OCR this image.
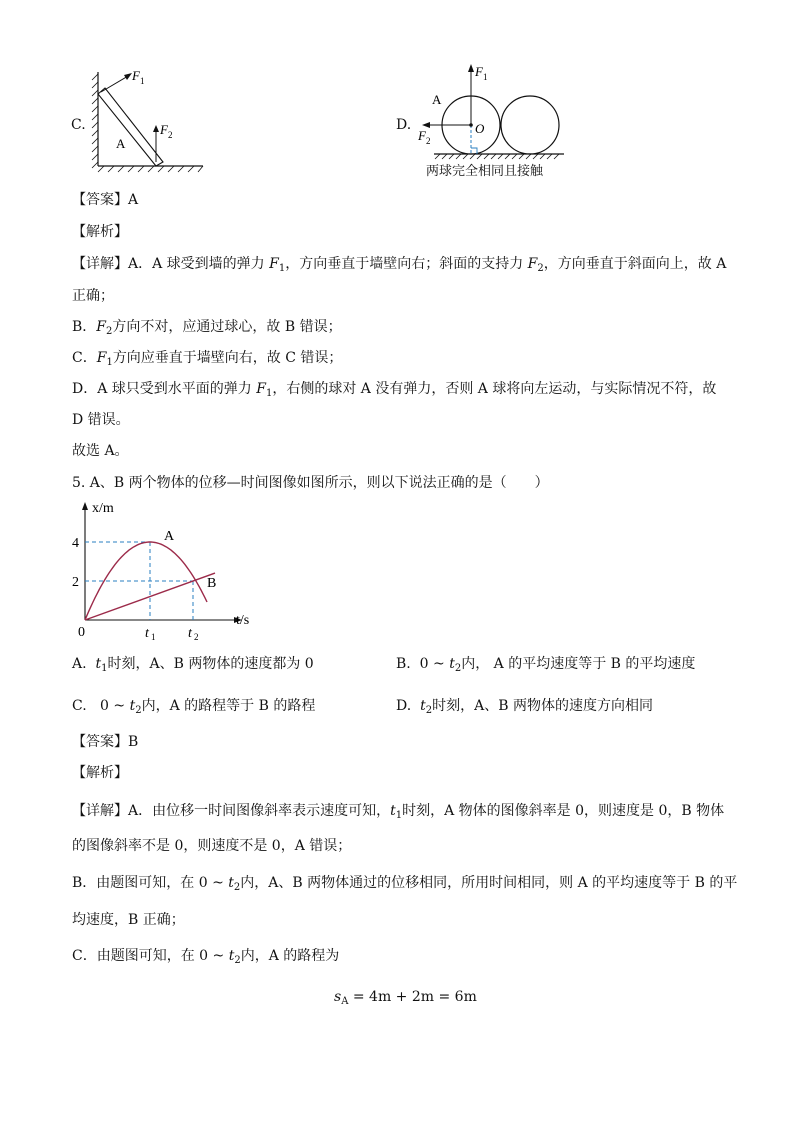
C.
A
F 1
F 2
D.
A
O
F 1
F 2
两球完全相同且接触
【答案】A
【解析】
【详解】A．A 球受到墙的弹力 $F_1$，方向垂直于墙壁向右；斜面的支持力 $F_2$，方向垂直于斜面向上，故 A
正确；
B．$F_2$方向不对，应通过球心，故 B 错误；
C．$F_1$方向应垂直于墙壁向右，故 C 错误；
D．A 球只受到水平面的弹力 $F_1$，右侧的球对 A 没有弹力，否则 A 球将向左运动，与实际情况不符，故
D 错误。
故选 A。
5. A、B 两个物体的位移—时间图像如图所示，则以下说法正确的是（　　）
A
B
4
2
0	t 1 t 2
x/m
t/s
A. $t_1$时刻，A、B 两物体的速度都为 0	B. 0 ~ $t_2$内， A 的平均速度等于 B 的平均速度
C. 0 ~ $t_2$内，A 的路程等于 B 的路程	D. $t_2$时刻，A、B 两物体的速度方向相同
【答案】B
【解析】
【详解】A．由位移一时间图像斜率表示速度可知，$t_1$时刻，A 物体的图像斜率是 0，则速度是 0，B 物体
的图像斜率不是 0，则速度不是 0，A 错误；
B．由题图可知，在 0 ~ $t_2$内，A、B 两物体通过的位移相同，所用时间相同，则 A 的平均速度等于 B 的平
均速度，B 正确；
C．由题图可知，在 0 ~ $t_2$内，A 的路程为
$s_A = 4m + 2m = 6m$
